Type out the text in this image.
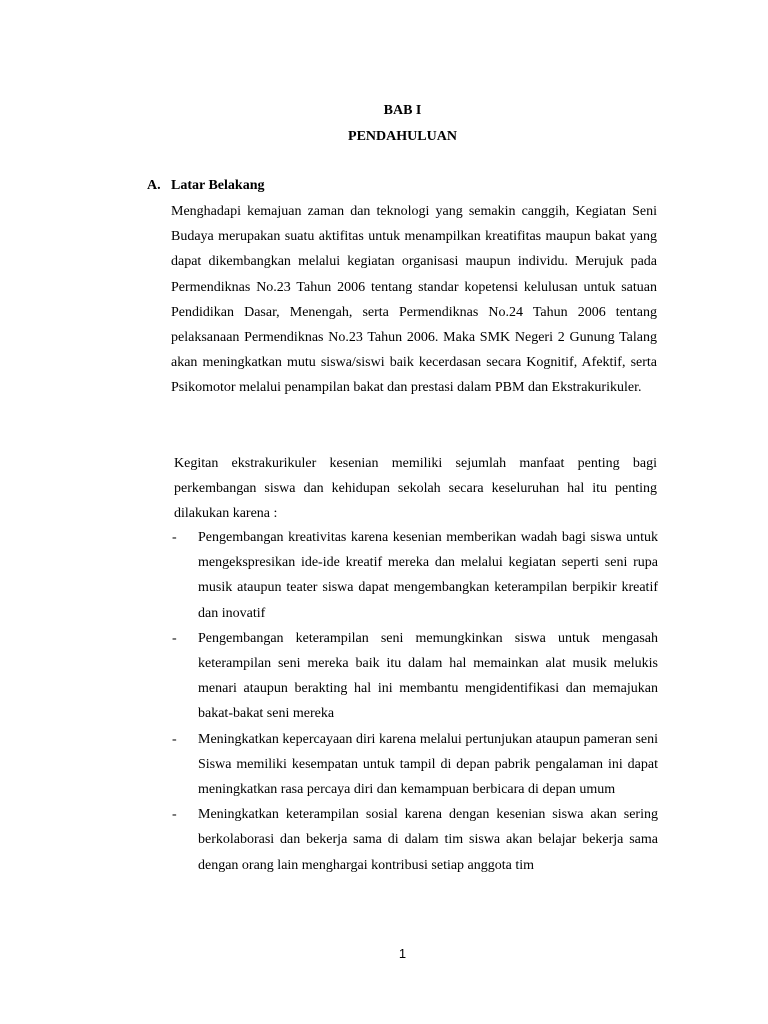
BAB I
PENDAHULUAN
A. Latar Belakang

Menghadapi kemajuan zaman dan teknologi yang semakin canggih, Kegiatan Seni Budaya merupakan suatu aktifitas untuk menampilkan kreatifitas maupun bakat yang dapat dikembangkan melalui kegiatan organisasi maupun individu. Merujuk pada Permendiknas No.23 Tahun 2006 tentang standar kopetensi kelulusan untuk satuan Pendidikan Dasar, Menengah, serta Permendiknas No.24 Tahun 2006 tentang pelaksanaan Permendiknas No.23 Tahun 2006. Maka SMK Negeri 2 Gunung Talang akan meningkatkan mutu siswa/siswi baik kecerdasan secara Kognitif, Afektif, serta Psikomotor melalui penampilan bakat dan prestasi dalam PBM dan Ekstrakurikuler.

Kegitan ekstrakurikuler kesenian memiliki sejumlah manfaat penting bagi perkembangan siswa dan kehidupan sekolah secara keseluruhan hal itu penting dilakukan karena :

- Pengembangan kreativitas karena kesenian memberikan wadah bagi siswa untuk mengekspresikan ide-ide kreatif mereka dan melalui kegiatan seperti seni rupa musik ataupun teater siswa dapat mengembangkan keterampilan berpikir kreatif dan inovatif
- Pengembangan keterampilan seni memungkinkan siswa untuk mengasah keterampilan seni mereka baik itu dalam hal memainkan alat musik melukis menari ataupun berakting hal ini membantu mengidentifikasi dan memajukan bakat-bakat seni mereka
- Meningkatkan kepercayaan diri karena melalui pertunjukan ataupun pameran seni Siswa memiliki kesempatan untuk tampil di depan pabrik pengalaman ini dapat meningkatkan rasa percaya diri dan kemampuan berbicara di depan umum
- Meningkatkan keterampilan sosial karena dengan kesenian siswa akan sering berkolaborasi dan bekerja sama di dalam tim siswa akan belajar bekerja sama dengan orang lain menghargai kontribusi setiap anggota tim
1
